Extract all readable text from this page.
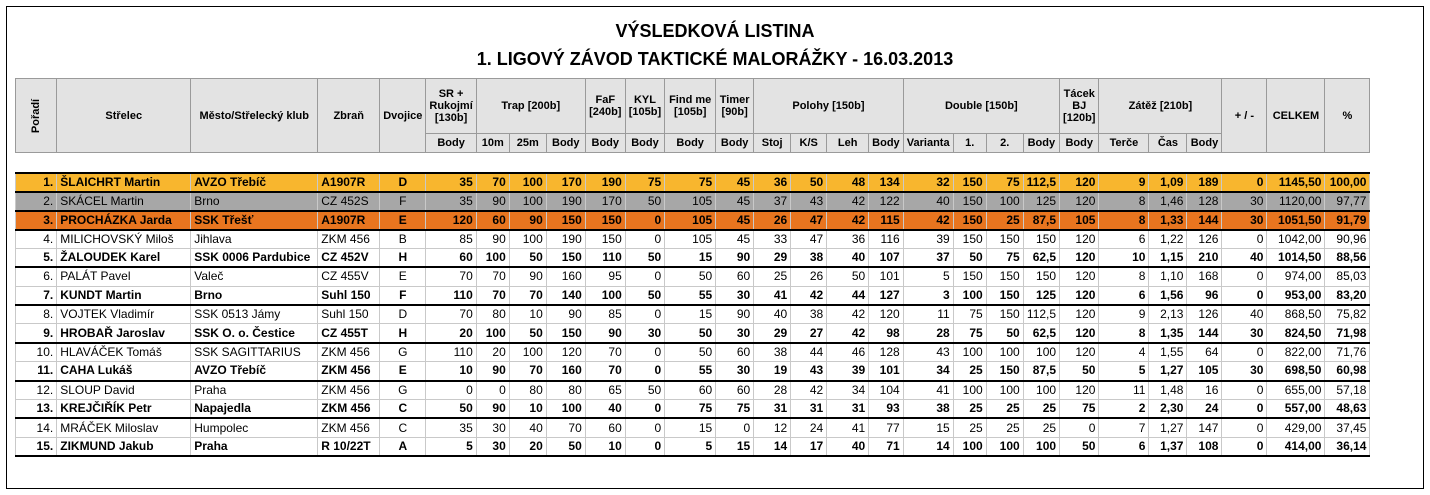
VÝSLEDKOVÁ LISTINA
1. LIGOVÝ ZÁVOD TAKTICKÉ MALORÁŽKY - 16.03.2013
Pořadí	Střelec	Město/Střelecký klub	Zbraň	Dvojice	SR + Rukojmí [130b]	Trap [200b]			FaF [240b]	KYL [105b]	Find me [105b]	Timer [90b]	Polohy [150b]				Double [150b]				Tácek BJ [120b]	Zátěž [210b]			+ / -	CELKEM	%
					Body	10m	25m	Body	Body	Body	Body	Body	Stoj	K/S	Leh	Body	Varianta	1.	2.	Body	Body	Terče	Čas	Body			

1.	ŠLAICHRT Martin	AVZO Třebíč	A1907R	D	35	70	100	170	190	75	75	45	36	50	48	134	32	150	75	112,5	120	9	1,09	189	0	1145,50	100,00
2.	SKÁCEL Martin	Brno	CZ 452S	F	35	90	100	190	170	50	105	45	37	43	42	122	40	150	100	125	120	8	1,46	128	30	1120,00	97,77
3.	PROCHÁZKA Jarda	SSK Třešť	A1907R	E	120	60	90	150	150	0	105	45	26	47	42	115	42	150	25	87,5	105	8	1,33	144	30	1051,50	91,79
4.	MILICHOVSKÝ Miloš	Jihlava	ZKM 456	B	85	90	100	190	150	0	105	45	33	47	36	116	39	150	150	150	120	6	1,22	126	0	1042,00	90,96
5.	ŽALOUDEK Karel	SSK 0006 Pardubice	CZ 452V	H	60	100	50	150	110	50	15	90	29	38	40	107	37	50	75	62,5	120	10	1,15	210	40	1014,50	88,56
6.	PALÁT Pavel	Valeč	CZ 455V	E	70	70	90	160	95	0	50	60	25	26	50	101	5	150	150	150	120	8	1,10	168	0	974,00	85,03
7.	KUNDT Martin	Brno	Suhl 150	F	110	70	70	140	100	50	55	30	41	42	44	127	3	100	150	125	120	6	1,56	96	0	953,00	83,20
8.	VOJTEK Vladimír	SSK 0513 Jámy	Suhl 150	D	70	80	10	90	85	0	15	90	40	38	42	120	11	75	150	112,5	120	9	2,13	126	40	868,50	75,82
9.	HROBAŘ Jaroslav	SSK O. o. Čestice	CZ 455T	H	20	100	50	150	90	30	50	30	29	27	42	98	28	75	50	62,5	120	8	1,35	144	30	824,50	71,98
10.	HLAVÁČEK Tomáš	SSK SAGITTARIUS	ZKM 456	G	110	20	100	120	70	0	50	60	38	44	46	128	43	100	100	100	120	4	1,55	64	0	822,00	71,76
11.	CAHA Lukáš	AVZO Třebíč	ZKM 456	E	10	90	70	160	70	0	55	30	19	43	39	101	34	25	150	87,5	50	5	1,27	105	30	698,50	60,98
12.	SLOUP David	Praha	ZKM 456	G	0	0	80	80	65	50	60	60	28	42	34	104	41	100	100	100	120	11	1,48	16	0	655,00	57,18
13.	KREJČIŘÍK Petr	Napajedla	ZKM 456	C	50	90	10	100	40	0	75	75	31	31	31	93	38	25	25	25	75	2	2,30	24	0	557,00	48,63
14.	MRÁČEK Miloslav	Humpolec	ZKM 456	C	35	30	40	70	60	0	15	0	12	24	41	77	15	25	25	25	0	7	1,27	147	0	429,00	37,45
15.	ZIKMUND Jakub	Praha	R 10/22T	A	5	30	20	50	10	0	5	15	14	17	40	71	14	100	100	100	50	6	1,37	108	0	414,00	36,14
